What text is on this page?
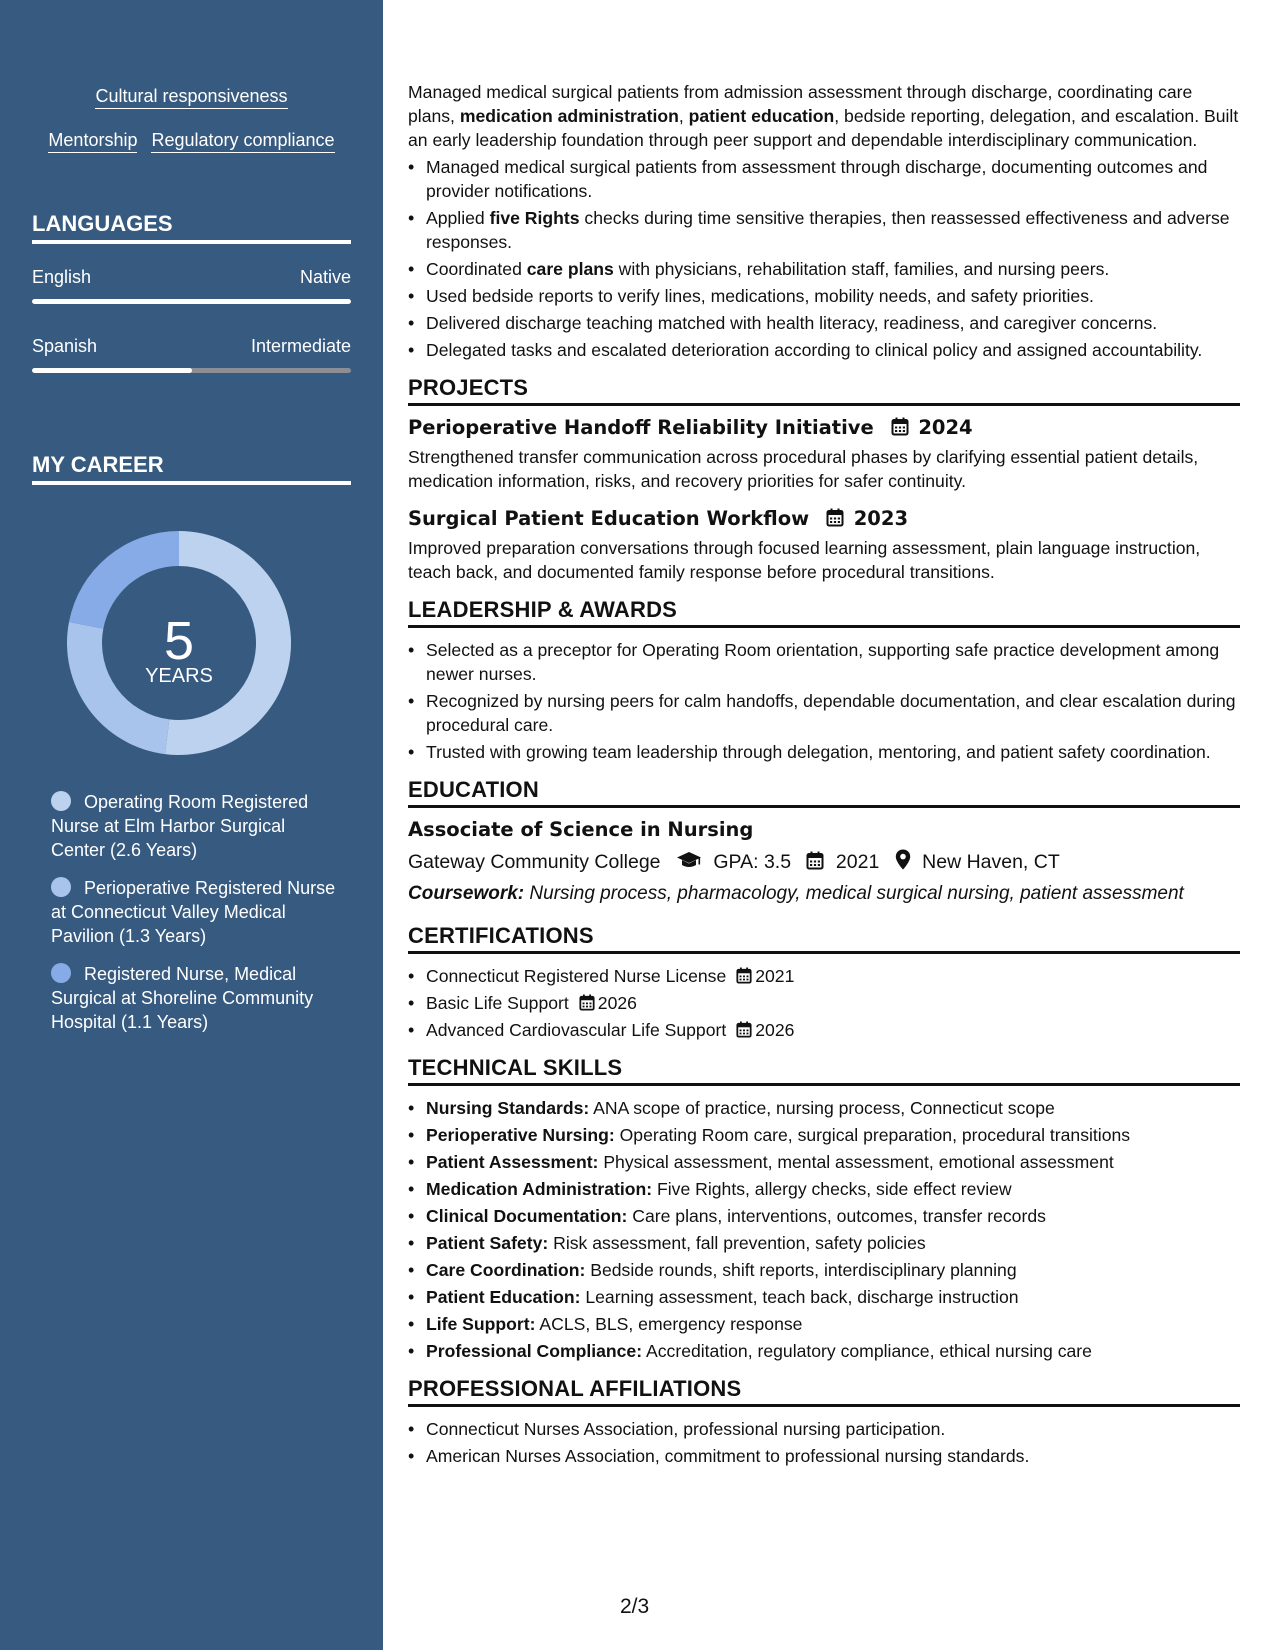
Cultural responsiveness
Mentorship Regulatory compliance
LANGUAGES
English	Native
Spanish	Intermediate
MY CAREER
5
YEARS
Operating Room Registered Nurse at Elm Harbor Surgical Center (2.6 Years)
Perioperative Registered Nurse at Connecticut Valley Medical Pavilion (1.3 Years)
Registered Nurse, Medical Surgical at Shoreline Community Hospital (1.1 Years)

Managed medical surgical patients from admission assessment through discharge, coordinating care plans, medication administration, patient education, bedside reporting, delegation, and escalation. Built an early leadership foundation through peer support and dependable interdisciplinary communication.

• Managed medical surgical patients from assessment through discharge, documenting outcomes and provider notifications.
• Applied five Rights checks during time sensitive therapies, then reassessed effectiveness and adverse responses.
• Coordinated care plans with physicians, rehabilitation staff, families, and nursing peers.
• Used bedside reports to verify lines, medications, mobility needs, and safety priorities.
• Delivered discharge teaching matched with health literacy, readiness, and caregiver concerns.
• Delegated tasks and escalated deterioration according to clinical policy and assigned accountability.
PROJECTS
Perioperative Handoff Reliability Initiative 2024

Strengthened transfer communication across procedural phases by clarifying essential patient details, medication information, risks, and recovery priorities for safer continuity.

Surgical Patient Education Workflow 2023

Improved preparation conversations through focused learning assessment, plain language instruction, teach back, and documented family response before procedural transitions.

LEADERSHIP & AWARDS
• Selected as a preceptor for Operating Room orientation, supporting safe practice development among newer nurses.
• Recognized by nursing peers for calm handoffs, dependable documentation, and clear escalation during procedural care.
• Trusted with growing team leadership through delegation, mentoring, and patient safety coordination.
EDUCATION
Associate of Science in Nursing
Gateway Community College	GPA: 3.5 2021 New Haven, CT
Coursework: Nursing process, pharmacology, medical surgical nursing, patient assessment
CERTIFICATIONS
• Connecticut Registered Nurse License 2021
• Basic Life Support 2026
• Advanced Cardiovascular Life Support 2026
TECHNICAL SKILLS
• Nursing Standards: ANA scope of practice, nursing process, Connecticut scope
• Perioperative Nursing: Operating Room care, surgical preparation, procedural transitions
• Patient Assessment: Physical assessment, mental assessment, emotional assessment
• Medication Administration: Five Rights, allergy checks, side effect review
• Clinical Documentation: Care plans, interventions, outcomes, transfer records
• Patient Safety: Risk assessment, fall prevention, safety policies
• Care Coordination: Bedside rounds, shift reports, interdisciplinary planning
• Patient Education: Learning assessment, teach back, discharge instruction
• Life Support: ACLS, BLS, emergency response
• Professional Compliance: Accreditation, regulatory compliance, ethical nursing care
PROFESSIONAL AFFILIATIONS
• Connecticut Nurses Association, professional nursing participation.
• American Nurses Association, commitment to professional nursing standards.
2/3
